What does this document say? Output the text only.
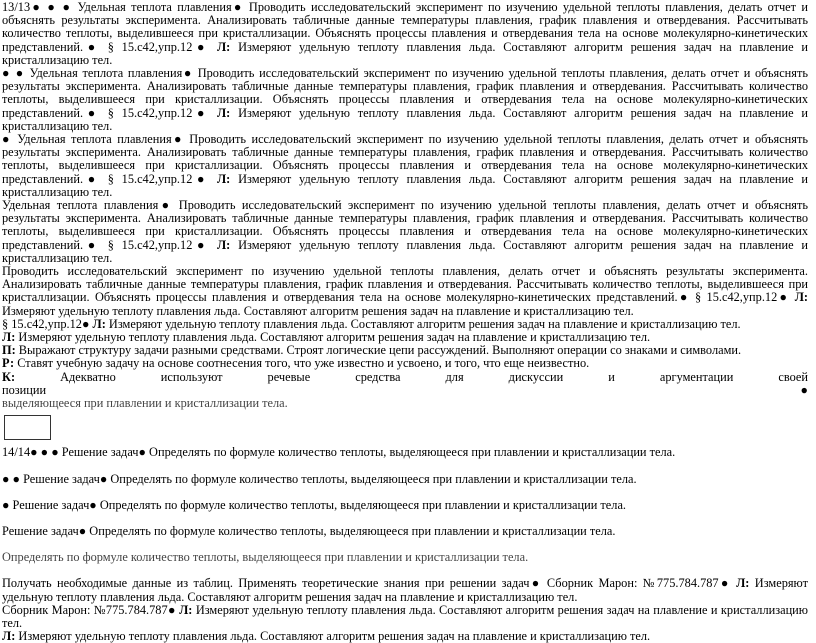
13/13● ● ● Удельная теплота плавления● Проводить исследовательский эксперимент по изучению удельной теплоты плавления, делать отчет и объяснять результаты эксперимента. Анализировать табличные данные температуры плавления, график плавления и отвердевания. Рассчитывать количество теплоты, выделившееся при кристаллизации. Объяснять процессы плавления и отвердевания тела на основе молекулярно-кинетических представлений.● § 15.с42,упр.12● Л: Измеряют удельную теплоту плавления льда. Составляют алгоритм решения задач на плавление и кристаллизацию тел.

● ● Удельная теплота плавления● Проводить исследовательский эксперимент по изучению удельной теплоты плавления, делать отчет и объяснять результаты эксперимента. Анализировать табличные данные температуры плавления, график плавления и отвердевания. Рассчитывать количество теплоты, выделившееся при кристаллизации. Объяснять процессы плавления и отвердевания тела на основе молекулярно-кинетических представлений.● § 15.с42,упр.12● Л: Измеряют удельную теплоту плавления льда. Составляют алгоритм решения задач на плавление и кристаллизацию тел.

● Удельная теплота плавления● Проводить исследовательский эксперимент по изучению удельной теплоты плавления, делать отчет и объяснять результаты эксперимента. Анализировать табличные данные температуры плавления, график плавления и отвердевания. Рассчитывать количество теплоты, выделившееся при кристаллизации. Объяснять процессы плавления и отвердевания тела на основе молекулярно-кинетических представлений.● § 15.с42,упр.12● Л: Измеряют удельную теплоту плавления льда. Составляют алгоритм решения задач на плавление и кристаллизацию тел.

Удельная теплота плавления● Проводить исследовательский эксперимент по изучению удельной теплоты плавления, делать отчет и объяснять результаты эксперимента. Анализировать табличные данные температуры плавления, график плавления и отвердевания. Рассчитывать количество теплоты, выделившееся при кристаллизации. Объяснять процессы плавления и отвердевания тела на основе молекулярно-кинетических представлений.● § 15.с42,упр.12● Л: Измеряют удельную теплоту плавления льда. Составляют алгоритм решения задач на плавление и кристаллизацию тел.

Проводить исследовательский эксперимент по изучению удельной теплоты плавления, делать отчет и объяснять результаты эксперимента. Анализировать табличные данные температуры плавления, график плавления и отвердевания. Рассчитывать количество теплоты, выделившееся при кристаллизации. Объяснять процессы плавления и отвердевания тела на основе молекулярно-кинетических представлений.● § 15.с42,упр.12● Л: Измеряют удельную теплоту плавления льда. Составляют алгоритм решения задач на плавление и кристаллизацию тел.

§ 15.с42,упр.12● Л: Измеряют удельную теплоту плавления льда. Составляют алгоритм решения задач на плавление и кристаллизацию тел.

Л: Измеряют удельную теплоту плавления льда. Составляют алгоритм решения задач на плавление и кристаллизацию тел.

П: Выражают структуру задачи разными средствами. Строят логические цепи рассуждений. Выполняют операции со знаками и символами.

Р: Ставят учебную задачу на основе соотнесения того, что уже известно и усвоено, и того, что еще неизвестно.

К: Адекватно используют речевые средства для дискуссии и аргументации своей позиции●

выделяющееся при плавлении и кристаллизации тела.

14/14● ● ● Решение задач● Определять по формуле количество теплоты, выделяющееся при плавлении и кристаллизации тела.

● ● Решение задач● Определять по формуле количество теплоты, выделяющееся при плавлении и кристаллизации тела.

● Решение задач● Определять по формуле количество теплоты, выделяющееся при плавлении и кристаллизации тела.

Решение задач● Определять по формуле количество теплоты, выделяющееся при плавлении и кристаллизации тела.

Определять по формуле количество теплоты, выделяющееся при плавлении и кристаллизации тела.

Получать необходимые данные из таблиц. Применять теоретические знания при решении задач● Сборник Марон: №775.784.787● Л: Измеряют удельную теплоту плавления льда. Составляют алгоритм решения задач на плавление и кристаллизацию тел.

Сборник Марон: №775.784.787● Л: Измеряют удельную теплоту плавления льда. Составляют алгоритм решения задач на плавление и кристаллизацию тел.

Л: Измеряют удельную теплоту плавления льда. Составляют алгоритм решения задач на плавление и кристаллизацию тел.
